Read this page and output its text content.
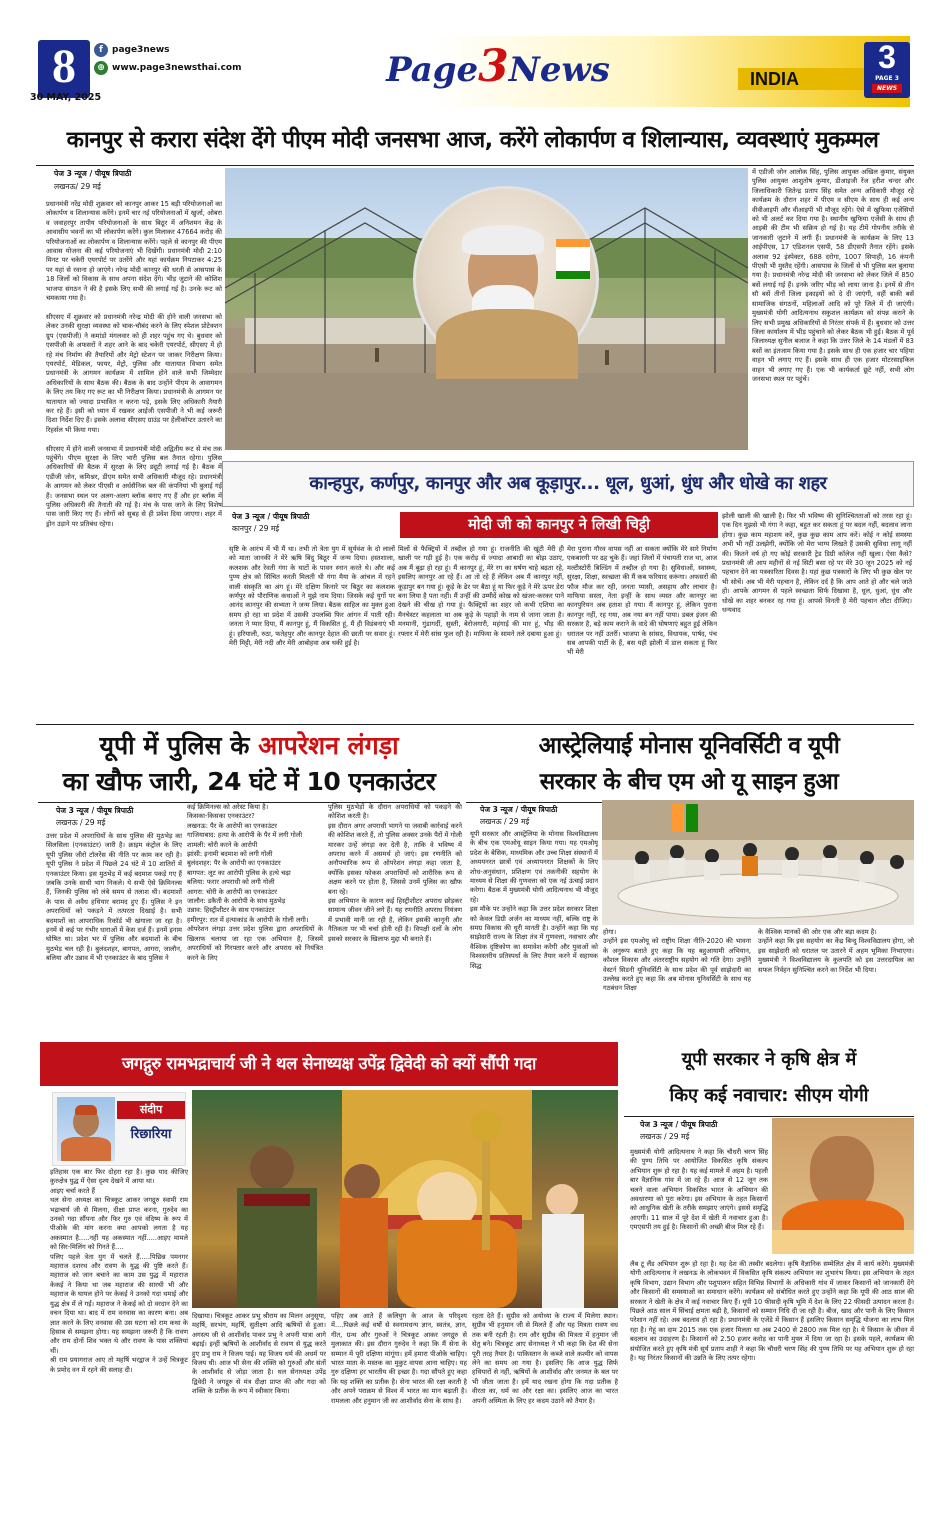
8	f	page3news
⊕ www.page3newsthai.com
30 MAY, 2025
Page3News	INDIA
3
PAGE 3
NEWS
कानपुर से करारा संदेश देंगे पीएम मोदी जनसभा आज, करेंगे लोकार्पण व शिलान्यास, व्यवस्थाएं मुकम्मल
पेज 3 न्यूज / पीयूष त्रिपाठी
लखनऊ/ 29 मई
प्रधानमंत्री नरेंद्र मोदी शुक्रवार को कानपुर आकर 15 बड़ी परियोजनाओं का लोकार्पण व शिलान्यास करेंगे। इनमें चार नई परियोजनाओं में खुर्जा, ओबरा व जवाहरपुर तापीय परियोजनाओं के साथ बिठूर में अनिशमन केंद्र के आवासीय भवनों का भी लोकार्पण करेंगे। कुल मिलाकर 47664 करोड़ की परियोजनाओं का लोकार्पण व शिलान्यास करेंगे। पहले से कानपुर की पीएम आवास योजना की कई परियोजनाएं भी दिखेंगी। प्रधानमंत्री मोदी 2:10 मिनट पर चकेरी एयरपोर्ट पर उतरेंगे और यहां कार्यक्रम निपटाकर 4:25 पर यहां से रवाना हो जाएंगे। नरेन्द्र मोदी कानपुर की धरती से आसपास के 18 जिलों को विकास के साथ अपना संदेश देंगे। भीड़ जुटाने की कोशिश भाजपा संगठन ने की है इसके लिए सभी की लगाई गई है। उनके रूट को चमकाया गया है।

सीएसए में शुक्रवार को प्रधानमंत्री नरेन्द्र मोदी की होने वाली जनसभा को लेकर उनकी सुरक्षा व्यवस्था को चाक-चौबंद करने के लिए स्पेशल प्रोटेक्शन ग्रुप (एसपीजी) ने कमांडो मंगलवार को ही शहर पहुंच गए थे। बुधवार को एसपीजी के अफसरों ने शहर आने के बाद चकेरी एयरपोर्ट, सीएसए में हो रहे मंच निर्माण की तैयारियों और मेट्रो स्टेशन पर जाकर निरीक्षण किया। एयरपोर्ट, मेडिकल, फायर, मेट्रो, पुलिस और यातायात विभाग समेत प्रधानमंत्री के आगमन कार्यक्रम में शामिल होने वाले सभी जिम्मेदार अधिकारियों के साथ बैठक की। बैठक के बाद उन्होंने पीएम के आवागमन के लिए तय किए गए रूट का भी निरीक्षण किया। प्रधानमंत्री के आगमन पर यातायात को ज्यादा प्रभावित न करना पड़े, इसके लिए अधिकारी तैयारी कर रहे हैं। इसी को ध्यान में रखकर आईजी एसपीजी ने भी कई जरूरी दिशा निर्देश दिए हैं। इसके अलावा सीएसए ग्राउंड पर हेलीकॉप्टर उतारने का रिहर्सल भी किया गया।

सीएसए में होने वाली जनसभा में प्रधानमंत्री मोदी अद्वितीय रूट से मंच तक पहुंचेंगे। पीएम सुरक्षा के लिए भारी पुलिस बल तैनात रहेगा। पुलिस अधिकारियों की बैठक में सुरक्षा के लिए ड्यूटी लगाई गई है। बैठक में एडीजी जोन, कमिश्नर, डीएम समेत सभी अधिकारी मौजूद रहे। प्रधानमंत्री के आगमन को लेकर पीएसी व अर्धसैनिक बल की कंपनियां भी बुलाई गई हैं। जनसभा स्थल पर अलग-अलग ब्लॉक बनाए गए हैं और हर ब्लॉक में पुलिस अधिकारी की तैनाती की गई है। मंच के पास जाने के लिए विशेष पास जारी किए गए हैं। लोगों को सुबह से ही प्रवेश दिया जाएगा। शहर में ड्रोन उड़ाने पर प्रतिबंध रहेगा।
में एडीजी जोन आलोक सिंह, पुलिस आयुक्त अखिल कुमार, संयुक्त पुलिस आयुक्त आशुतोष कुमार, डीआइजी रेंज हरीश चन्दर और जिलाधिकारी जितेन्द्र प्रताप सिंह समेत अन्य अधिकारी मौजूद रहे कार्यक्रम के दौरान शहर में पीएम व सीएम के साथ ही कई अन्य वीवीआइपी और वीआइपी भी मौजूद रहेंगे। ऐसे में खुफिया एजेंसियों को भी अलर्ट कर दिया गया है। स्थानीय खुफिया एजेंसी के साथ ही आइबी की टीम भी सक्रिय हो गई है। यह टीमें गोपनीय तरीके से जानकारी जुटाने में लगी हैं। प्रधानमंत्री के कार्यक्रम के लिए 13 आईपीएस, 17 एडिशनल एसपी, 58 डीएसपी तैनात रहेंगे। इसके अलावा 92 इंस्पेक्टर, 688 दरोगा, 1007 सिपाही, 16 कंपनी पीएसी भी मुस्तैद रहेंगी। आसपास के जिलों से भी पुलिस बल बुलाया गया है। प्रधानमंत्री नरेन्द्र मोदी की जनसभा को लेकर जिले में 850 बसें लगाई गई हैं। इनके जरिए भीड़ को लाया जाना है। इनमें से तीन सौ बसें तीनों जिला इकाइयों को दे दी जाएंगी, वहीं बाकी बसें सामाजिक संगठनों, महिलाओं आदि को पूरे जिले में दी जाएंगी। मुख्यमंत्री योगी आदित्यनाथ सकुशल कार्यक्रम को संपन्न कराने के लिए सभी प्रमुख अधिकारियों से निरंतर संपर्क में हैं। बुधवार को उत्तर जिला कार्यालय में भीड़ पहुंचाने को लेकर बैठक भी हुई। बैठक में पूर्व जिलाध्यक्ष सुनील बजाज ने कहा कि उत्तर जिले के 14 मंडलों में 83 बसों का इंतजाम किया गया है। इसके साथ ही एक हजार चार पहिया वाहन भी लगाए गए हैं। इसके साथ ही एक हजार मोटरसाइकिल वाहन भी लगाए गए हैं। एक भी कार्यकर्ता छूटे नहीं, सभी लोग जनसभा स्थल पर पहुंचें।
कान्हपुर, कर्णपुर, कानपुर और अब कूड़ापुर... धूल, धुआं, धुंध और धोखे का शहर
पेज 3 न्यूज / पीयूष त्रिपाठी
कानपुर / 29 मई	मोदी जी को कानपुर ने लिखी चिट्ठी
सृष्टि के आरंभ में भी मैं था। तभी तो त्रेता युग में सूर्यवंश के दो लालों को माता जानकी ने मेरे ऋषि बिंदु बिठूर में जन्म दिया। हस्तशाला, कलशक और रेवती गंगा के घाटों के पावन स्नान करते थे। और कई पुण्य क्षेत्र को सिंचित करती मिलती थी गंगा मैया के आंचल में रहने वाली संस्कृति का अंग हूं। मेरे दक्षिण किनारे पर बिठूर का कलशक कर्णपुर को पौराणिक कथाओं ने मुझे नाम दिया। जिसके कई युगों पर आनंद कानपुर की सभ्यता ने जन्म लिया। बैठक साहिल का मुक्त हुआ समय हो रहा था प्रदेश में उसकी उपलब्धि फिर आंगन में पाती रही। जनता ने प्यार दिया, मैं कानपुर हूं, मैं विकसित हूं, मैं ही विडंबनाएं भी हूं। हरियाली, रुठा, फतेहपुर और कानपुर देहात की छाती पर सवार हूं। मेरी मिट्टी, मेरी नदी और मेरी आबोहवा अब थकी हुई है।
मिलों से फैक्ट्रियों में तब्दील हो गया हूं। राजनीति की खूंटी मेरी ही खाली पर गड़ी हुई है। एक करोड़ से ज्यादा आबादी का बोझ उठाए, अब मैं बूढ़ा हो रहा हूं। मैं कानपुर हूं, मेरे रग का घर्षण चाहे बढ़ता रहे, इसलिए कानपुर आ रहे हैं। आ तो रहे हैं लेकिन अब मैं कानपुर नहीं, कूड़ापुर बन गया हूं। कूड़े के ढेर पर बैठा हूं या फिर कूड़े ने मेरे ऊपर डेरा बना लिया है पता नहीं। मैं उन्हीं की उम्मीदें कोख को खंजर-करकर पाने देखने की चीख हो गया हूं। फैक्ट्रियों का शहर जो कभी एशिया का मैनचेस्टर कहलाता था अब कूड़े के पहाड़ों के नाम से जाना जाता है। मनमानी, गुंडागर्दी, सुस्ती, बेरोजगारी, महंगाई की मार हूं, भीड़ की रफ्तार में मेरी सांस फूल रही है। माफिया के सामने तले दबाया हुआ हूं।
मेरा पुराना गौरव वापस नहीं आ सकता क्योंकि मेरे सारे निर्माण एकबारगी पर ढह चुके हैं। जहां जिलों में पंचायती राज था, आज मल्टीस्टोरी बिल्डिंग में तब्दील हो गया है। सुविधाओं, स्वास्थ्य, सुरक्षा, शिक्षा, स्वच्छता की मैं कब फरियाद करूंगा। अफसरों की फौज मौज कर रही, जनता प्यासी, असहाय और लाचार है। माफिया सस्ता, नेता इन्हीं के साथ व्यस्त और कानपुर का कानपुरियन अब हताश हो गया। मैं कानपुर हूं, लेकिन पुराना कानपुर नहीं, रह गया, अब नया बन नहीं पाया। डबल इंजन की सरकार है, बड़े काम कराने के वादे की घोषणाएं बहुत हुई लेकिन धरातल पर नहीं उतरीं। भाजपा के सांसद, विधायक, पार्षद, पंच सब आपकी पार्टी के हैं, बस यही झोली में डाल सकता हूं फिर भी मेरी
झोली खाली की खाली है। फिर भी भविष्य की सुनिश्चितताओं को तरस रहा हूं। एक दिन मुझसे भी गंगा ने कहा, बहुत कर सकता हूं पर बदल नहीं, बदलाव लाना होगा। कुछ काम महाशय करें, कुछ कुछ काम आप करें। कोई न कोई समस्या अभी भी नहीं उलझेगी, क्योंकि जो मेरा भाग्य लिखते हैं उसकी सुविधा लागू नहीं की। कितने वर्ष हो गए कोई सरकारी ट्रेड डिग्री कॉलेज नहीं खुला। ऐसा कैसे? प्रधानमंत्री जी आप महीनों से नई सिटी बसा रहे पर मेरे 30 जून 2025 को नई पहचान देने का पत्रकारिता दिवस है। यहां कुछ पत्रकारों के लिए भी कुछ खेल पर भी सोचें। अब भी मेरी पहचान है, लेकिन दर्द है कि आप आते हो और चले जाते हो। आपके आगमन से पहले स्वच्छता सिर्फ दिखावा है, धूल, धुआं, धुंध और धोखे का शहर बनकर रह गया हूं। आपसे विनती है मेरी पहचान लौटा दीजिए। धन्यवाद
यूपी में पुलिस के आपरेशन लंगड़ा
का खौफ जारी, 24 घंटे में 10 एनकाउंटर
पेज 3 न्यूज / पीयूष त्रिपाठी
लखनऊ / 29 मई
उत्तर प्रदेश में अपराधियों के साथ पुलिस की मुठभेड़ का सिलसिला (एनकाउंटर) जारी है। क्राइम कंट्रोल के लिए यूपी पुलिस जीरो टॉलरेंस की नीति पर काम कर रही है। यूपी पुलिस ने प्रदेश में पिछले 24 घंटे में 10 शातिरों में एनकाउंटर किया। इस मुठभेड़ में कई बदमाश पकड़े गए हैं जबकि उनके साथी भाग निकले। ये सभी ऐसे क्रिमिनल्स हैं, जिनकी पुलिस को लंबे समय से तलाश थी। बदमाशों के पास से अवैध हथियार बरामद हुए हैं। पुलिस ने इन अपराधियों को पकड़ने में तत्परता दिखाई है। सभी बदमाशों का आपराधिक रिकॉर्ड भी खंगाला जा रहा है। इनमें से कई पर गंभीर धाराओं में केस दर्ज हैं। इनमें इनाम घोषित था। प्रदेश भर में पुलिस और बदमाशों के बीच मुठभेड़ चल रही है। बुलंदशहर, बागपत, आगरा, जालौन, बलिया और उन्नाव में भी एनकाउंटर के बाद पुलिस ने
कई क्रिमिनल्स को अरेस्ट किया है।
किसका-किसका एनकाउंटर?
लखनऊ: पैर के आरोपी का एनकाउंटर
गाजियाबाद: हत्या के आरोपी के पैर में लगी गोली
शामली: चोरी करने के आरोपी
झांसी: इनामी बदमाश को लगी गोली
बुलंदशहर: पैर के आरोपी का एनकाउंटर
बागपत: लूट का आरोपी पुलिस के हत्थे चढ़ा
बलिया: फरार अपराधी को लगी गोली
आगरा: चोरी के आरोपी का एनकाउंटर
जालौन: डकैती के आरोपी के साथ मुठभेड़
उन्नाव: हिस्ट्रीशीटर के साथ एनकाउंटर
हमीरपुर: रात में हत्याकांड के आरोपी के गोली लगी।
ऑपरेशन लंगड़ा उत्तर प्रदेश पुलिस द्वारा अपराधियों के खिलाफ चलाया जा रहा एक अभियान है, जिसमें अपराधियों को गिरफ्तार करने और अपराध को नियंत्रित करने के लिए
पुलिस मुठभेड़ों के दौरान अपराधियों को पकड़ने की कोशिश करती है।
इस दौरान अगर अपराधी भागने या जवाबी कार्रवाई करने की कोशिश करते हैं, तो पुलिस अक्सर उनके पैरों में गोली मारकर उन्हें लंगड़ा कर देती है, ताकि वे भविष्य में अपराध करने में असमर्थ हो जाएं। इस रणनीति को अनौपचारिक रूप से ऑपरेशन लंगड़ा कहा जाता है, क्योंकि इसका फोकस अपराधियों को शारीरिक रूप से अक्षम करने पर होता है, जिससे उनमें पुलिस का खौफ बना रहे।
इस अभियान के कारण कई हिस्ट्रीशीटर अपराध छोड़कर सामान्य जीवन जीने लगे हैं। यह रणनीति अपराध नियंत्रण में प्रभावी मानी जा रही है, लेकिन इसकी कानूनी और नैतिकता पर भी चर्चा होती रही है। विपक्षी दलों के लोग इसको सरकार के खिलाफ मुद्दा भी बनाते हैं।
आस्ट्रेलियाई मोनास यूनिवर्सिटी व यूपी
सरकार के बीच एम ओ यू साइन हुआ
पेज 3 न्यूज / पीयूष त्रिपाठी
लखनऊ / 29 मई
यूपी सरकार और आस्ट्रेलिया के मोनास विश्वविद्यालय के बीच एक एमओयू साइन किया गया। यह एमओयू प्रदेश के बेसिक, माध्यमिक और उच्च शिक्षा संस्थानों में अध्ययनरत छात्रों एवं अध्यापनरत शिक्षकों के लिए शोध-अनुसंधान, प्रशिक्षण एवं तकनीकी सहयोग के माध्यम से शिक्षा की गुणवत्ता को एक नई ऊंचाई प्रदान करेगा। बैठक में मुख्यमंत्री योगी आदित्यनाथ भी मौजूद रहे।
इस मौके पर उन्होंने कहा कि उत्तर प्रदेश सरकार शिक्षा को केवल डिग्री अर्जन का माध्यम नहीं, बल्कि राष्ट्र के समग्र विकास की धुरी मानती है। उन्होंने कहा कि यह साझेदारी राज्य के शिक्षा तंत्र में गुणवत्ता, नवाचार और वैश्विक दृष्टिकोण का समावेश करेगी और युवाओं को विश्वस्तरीय प्रतिस्पर्धा के लिए तैयार करने में सहायक सिद्ध
होगा।
उन्होंने इस एमओयू को राष्ट्रीय शिक्षा नीति-2020 की भावना के अनुरूप बताते हुए कहा कि यह बहुआयामी अभियान, कौशल विकास और अंतरराष्ट्रीय सहयोग को गति देगा। उन्होंने वेस्टर्न सिडनी यूनिवर्सिटी के साथ प्रदेश की पूर्व साझेदारी का उल्लेख करते हुए कहा कि अब मोनास यूनिवर्सिटी के साथ यह गठबंधन शिक्षा
के वैश्विक मानकों की ओर एक और बड़ा कदम है।
उन्होंने कहा कि इस सहयोग का केंद्र बिन्दु विश्वविद्यालय होगा, जो इस साझेदारी को धरातल पर उतारने में अहम भूमिका निभाएगा। मुख्यमंत्री ने विश्वविद्यालय के कुलपति को इस उत्तरदायित्व का सफल निर्वहन सुनिश्चित करने का निर्देश भी दिया।
जगद्गुरु रामभद्राचार्य जी ने थल सेनाध्यक्ष उपेंद्र द्विवेदी को क्यों सौंपी गदा
संदीप
रिछारिया
इतिहास एक बार फिर दोहरा रहा है। कुछ याद कीजिए कुरुक्षेत्र युद्ध में ऐसा दृश्य देखने में आया था।
आइए चर्चा करते हैं
थल सेना अध्यक्ष का चित्रकूट आकर जगद्गुरु स्वामी राम भद्राचार्य जी से मिलना, दीक्षा प्राप्त करना, गुरुदेव का उनको गदा सौंपना और फिर गुरु एवं वंदिष्य के रूप में पीओके की मांग करना क्या आपको लगता है यह अकस्मात है.....नहीं यह अकस्मात नहीं.....आइए मामले को सिर-मिलिंग को गिनते हैं....
पलिए पहले त्रेता युग में चलते हैं.....पिछिन्न पमनगर महाराज दशरथ और रावण के युद्ध की पुष्टि करते हैं। महाराज को जान बचाने का काम उस युद्ध में महाराज केकई ने किया था जब महाराज की सारथी भी और महाराज के घायल होने पर केकई ने उनको गदा थमाई और युद्ध क्षेत्र में ले गईं। महाराज ने केकई को दो वरदान देने का वचन दिया था। बाद में राम वनवास का कारण बना। अब ज्ञात करने के लिए वनवास की उस घटना को राम कथा के हिसाब से समझना होगा। यह समझना जरूरी है कि रावण और राम दोनों शिव भक्त थे और रावण के पास शक्तियां थीं।
श्री राम प्रयागराज आए तो महर्षि भरद्वाज ने उन्हें चित्रकूट के प्रमोद वन में रहने की सलाह दी।
दिखाया। चित्रकूट आकर प्रभु श्रीराम का मिलन अनुसूया, महर्षि, सरभंग, महर्षि, सुतीक्ष्ण आदि ऋषियों से हुआ। अगस्त्य जी से आशीर्वाद पाकर प्रभु ने अपनी यात्रा आगे बढ़ाई। इन्हीं ऋषियों के आशीर्वाद से रावण से युद्ध करते हुए प्रभु राम ने विजय पाई। यह विजय धर्म की अधर्म पर विजय थी। आज भी सेना की शक्ति को गुरुओं और संतों के आशीर्वाद से जोड़ा जाता है। थल सेनाध्यक्ष उपेंद्र द्विवेदी ने जगद्गुरु से मंत्र दीक्षा प्राप्त की और गदा को शक्ति के प्रतीक के रूप में स्वीकार किया।
पहिए अब आते हैं कलियुग के आज के परिदृश्य में....पिछले कई वर्षों से स्वनामधन्य ज्ञान, स्वतंत्र, ज्ञान, गीत, ग्रन्थ और गुरुओं ने चित्रकूट आकर जगद्गुरु से मुलाकात की। इस दौरान गुरुदेव ने कहा कि मैं सेना के सम्मान में पूरी दक्षिणा मांगूंगा। हमें हमारा पीओके चाहिए। भारत माता के मस्तक का मुकुट वापस आना चाहिए। यह गुरु दक्षिणा हर भारतीय की इच्छा है। गदा सौंपते हुए कहा कि यह शक्ति का प्रतीक है। सेना भारत की रक्षा करती है और अपने पराक्रम से विश्व में भारत का मान बढ़ाती है। रामलला और हनुमान जी का आशीर्वाद सेना के साथ है।
रहता देते हैं। सुग्रीव को अयोध्या के राज्य में मिलेगा स्थान। सुग्रीव भी हनुमान जी से मिलते हैं और यह मित्रता रावण वध तक बनी रहती है। राम और सुग्रीव की मित्रता में हनुमान जी सेतु बने। चित्रकूट आए सेनाध्यक्ष ने भी कहा कि देश की सेना पूरी तरह तैयार है। पाकिस्तान के कब्जे वाले कश्मीर को वापस लेने का समय आ गया है। इसलिए कि आज युद्ध सिर्फ हथियारों से नहीं, ऋषियों के आशीर्वाद और जनमत के बल पर भी जीता जाता है। हमें याद रखना होगा कि गदा प्रतीक है वीरता का, धर्म का और रक्षा का। इसलिए आज का भारत अपनी अस्मिता के लिए हर कदम उठाने को तैयार है।
यूपी सरकार ने कृषि क्षेत्र में
किए कई नवाचार: सीएम योगी
पेज 3 न्यूज / पीयूष त्रिपाठी
लखनऊ / 29 मई
मुख्यमंत्री योगी आदित्यनाथ ने कहा कि चौधरी चरण सिंह की पुण्य तिथि पर आयोजित विकसित कृषि संकल्प अभियान शुरू हो रहा है। यह कई मामले में अहम है। पहली बार वैज्ञानिक गांव में जा रहे हैं। आज से 12 जून तक चलने वाला अभियान विकसित भारत के अभियान की अवधारणा को पूरा करेगा। इस अभियान के तहत किसानों को आधुनिक खेती के तरीके समझाए जाएंगे। इससे समृद्धि आएगी। 11 साल में पूरे देश में खेती में नवाचार हुआ है। एमएसपी तय हुई है। किसानों की अच्छी बीज मिल रहे हैं।
लैब टू लैंड अभियान शुरू हो रहा है। यह देश की तस्वीर बदलेगा। कृषि वैज्ञानिक सम्मेलित क्षेत्र में कार्य करेंगे। मुख्यमंत्री योगी आदित्यनाथ ने लखनऊ के लोकभवन में विकसित कृषि संकल्प अभियान का शुभारंभ किया। इस अभियान के तहत कृषि विभाग, उद्यान विभाग और पशुपालन सहित विभिन्न विभागों के अधिकारी गांव में जाकर किसानों को जानकारी देंगे और किसानों की समस्याओं का समाधान करेंगे। कार्यक्रम को संबोधित करते हुए उन्होंने कहा कि यूपी की आठ साल की सरकार ने खेती के क्षेत्र में कई नवाचार किए हैं। यूपी 10 फीसदी कृषि भूमि में देश के लिए 22 फीसदी उत्पादन करता है। पिछले आठ साल में सिंचाई क्षमता बढ़ी है, किसानों को सम्मान निधि दी जा रही है। बीज, खाद और पानी के लिए किसान परेशान नहीं रहे। अब बदलाव हो रहा है। प्रधानमंत्री के एजेंडे में किसान हैं इसलिए किसान समृद्धि योजना का लाभ मिल रहा है। गेहूं का दाम 2015 तक एक हजार मिलता था अब 2400 से 2800 तक मिल रहा है। ये किसान के जीवन में बदलाव का उदाहरण है। किसानों को 2.50 हजार करोड़ का पानी मुफ्त में दिया जा रहा है। इसके पहले, कार्यक्रम की संयोजित करते हुए कृषि मंत्री सूर्य प्रताप शाही ने कहा कि चौधरी चरण सिंह की पुण्य तिथि पर यह अभियान शुरू हो रहा है। यह निरंतर किसानों की उन्नति के लिए तत्पर रहेगा।
